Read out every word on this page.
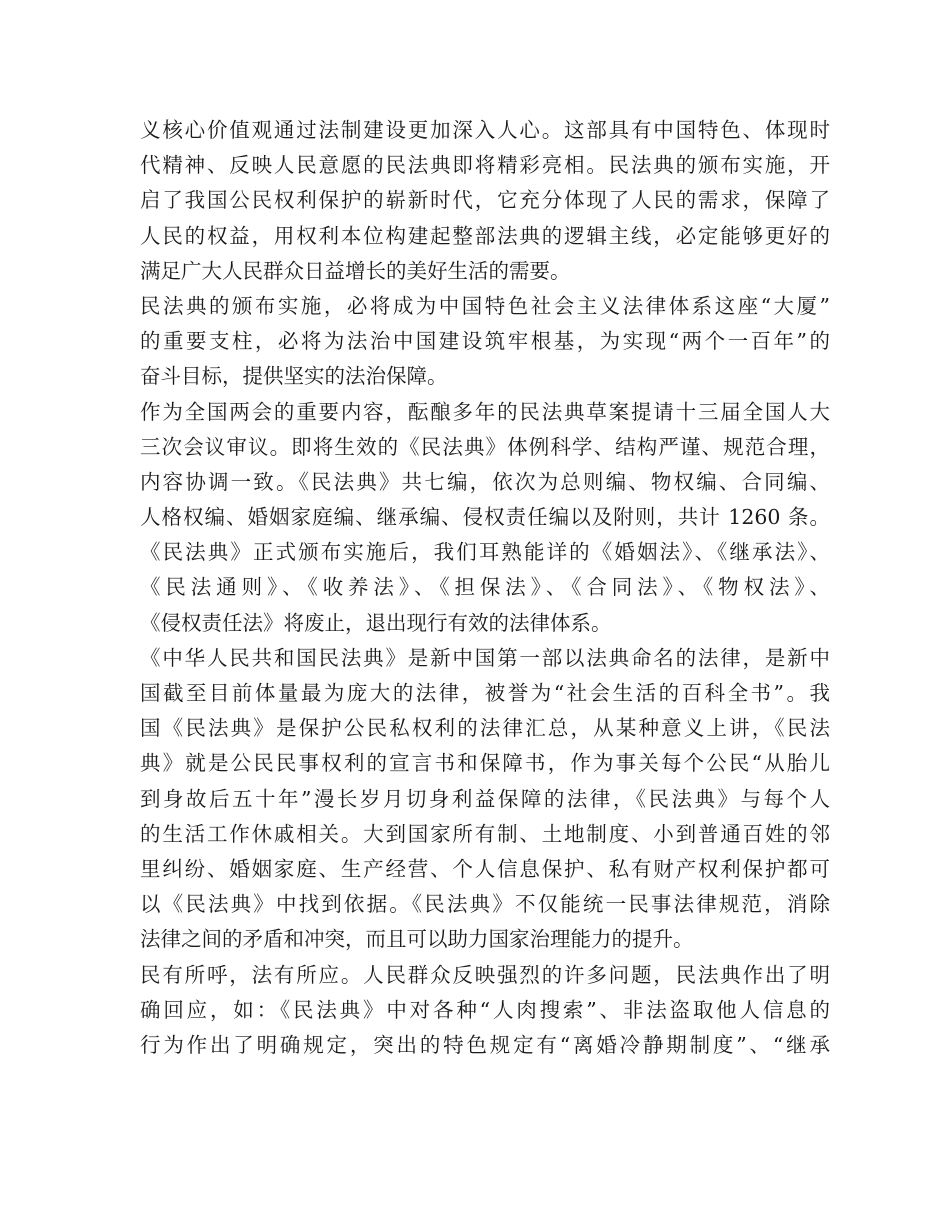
义核心价值观通过法制建设更加深入人心。这部具有中国特色、体现时
代精神、反映人民意愿的民法典即将精彩亮相。民法典的颁布实施，开
启了我国公民权利保护的崭新时代，它充分体现了人民的需求，保障了
人民的权益，用权利本位构建起整部法典的逻辑主线，必定能够更好的
满足广大人民群众日益增长的美好生活的需要。
民法典的颁布实施，必将成为中国特色社会主义法律体系这座“大厦”
的重要支柱，必将为法治中国建设筑牢根基，为实现“两个一百年”的
奋斗目标，提供坚实的法治保障。
作为全国两会的重要内容，酝酿多年的民法典草案提请十三届全国人大
三次会议审议。即将生效的《民法典》体例科学、结构严谨、规范合理，
内容协调一致。《民法典》共七编，依次为总则编、物权编、合同编、
人格权编、婚姻家庭编、继承编、侵权责任编以及附则，共计 1260 条。
《民法典》正式颁布实施后，我们耳熟能详的《婚姻法》、《继承法》、
《民法通则》、《收养法》、《担保法》、《合同法》、《物权法》、
《侵权责任法》将废止，退出现行有效的法律体系。
《中华人民共和国民法典》是新中国第一部以法典命名的法律，是新中
国截至目前体量最为庞大的法律，被誉为“社会生活的百科全书”。我
国《民法典》是保护公民私权利的法律汇总，从某种意义上讲，《民法
典》就是公民民事权利的宣言书和保障书，作为事关每个公民“从胎儿
到身故后五十年”漫长岁月切身利益保障的法律，《民法典》与每个人
的生活工作休戚相关。大到国家所有制、土地制度、小到普通百姓的邻
里纠纷、婚姻家庭、生产经营、个人信息保护、私有财产权利保护都可
以《民法典》中找到依据。《民法典》不仅能统一民事法律规范，消除
法律之间的矛盾和冲突，而且可以助力国家治理能力的提升。
民有所呼，法有所应。人民群众反映强烈的许多问题，民法典作出了明
确回应，如：《民法典》中对各种“人肉搜索”、非法盗取他人信息的
行为作出了明确规定，突出的特色规定有“离婚冷静期制度”、“继承
